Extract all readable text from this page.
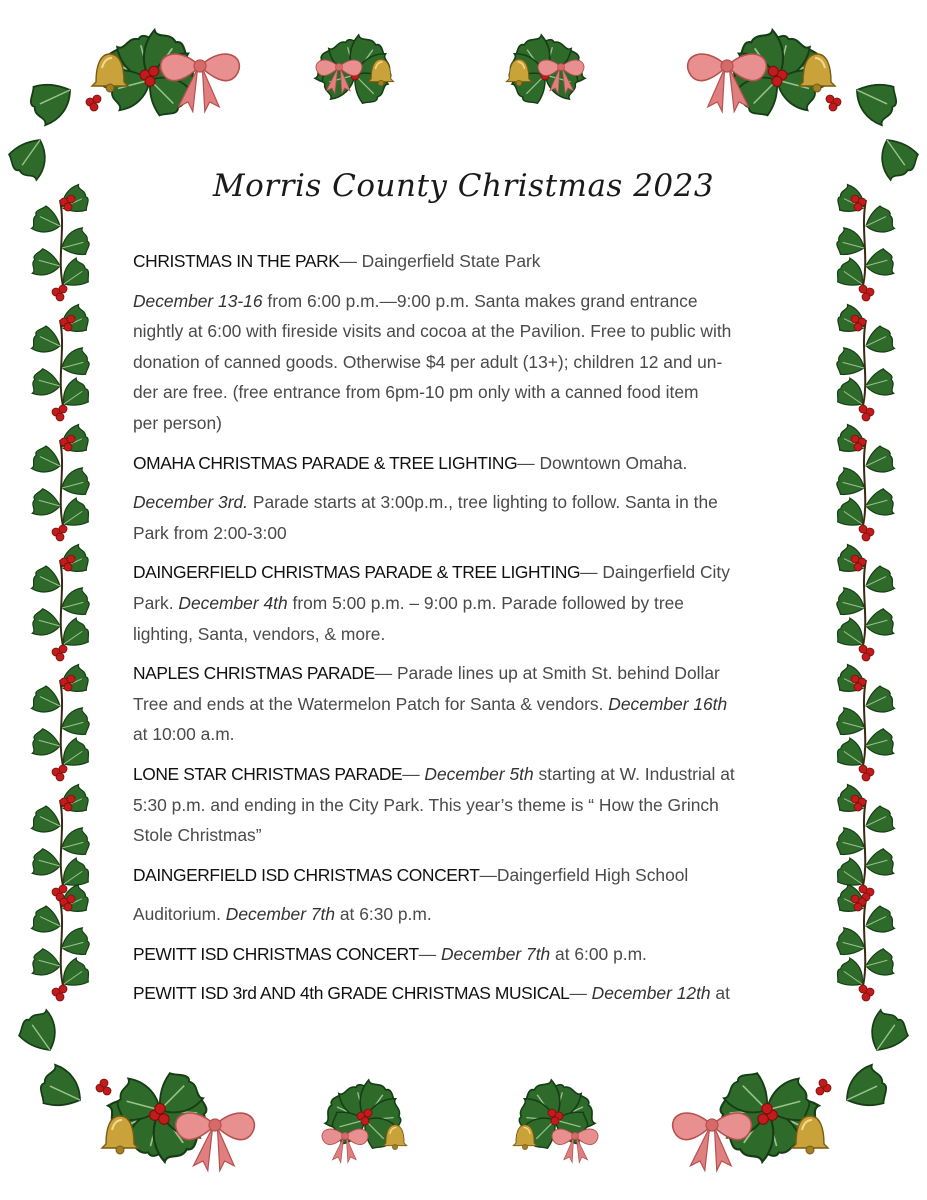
Morris County Christmas 2023
CHRISTMAS IN THE PARK— Daingerfield State Park
December 13-16 from 6:00 p.m.—9:00 p.m. Santa makes grand entrance
nightly at 6:00 with fireside visits and cocoa at the Pavilion. Free to public with
donation of canned goods. Otherwise $4 per adult (13+); children 12 and un-
der are free. (free entrance from 6pm-10 pm only with a canned food item
per person)
OMAHA CHRISTMAS PARADE & TREE LIGHTING— Downtown Omaha.
December 3rd. Parade starts at 3:00p.m., tree lighting to follow. Santa in the
Park from 2:00-3:00
DAINGERFIELD CHRISTMAS PARADE & TREE LIGHTING— Daingerfield City
Park. December 4th from 5:00 p.m. – 9:00 p.m. Parade followed by tree
lighting, Santa, vendors, & more.
NAPLES CHRISTMAS PARADE— Parade lines up at Smith St. behind Dollar
Tree and ends at the Watermelon Patch for Santa & vendors. December 16th
at 10:00 a.m.
LONE STAR CHRISTMAS PARADE— December 5th starting at W. Industrial at
5:30 p.m. and ending in the City Park. This year’s theme is “ How the Grinch
Stole Christmas”
DAINGERFIELD ISD CHRISTMAS CONCERT—Daingerfield High School
Auditorium. December 7th at 6:30 p.m.
PEWITT ISD CHRISTMAS CONCERT— December 7th at 6:00 p.m.
PEWITT ISD 3rd AND 4th GRADE CHRISTMAS MUSICAL— December 12th at
